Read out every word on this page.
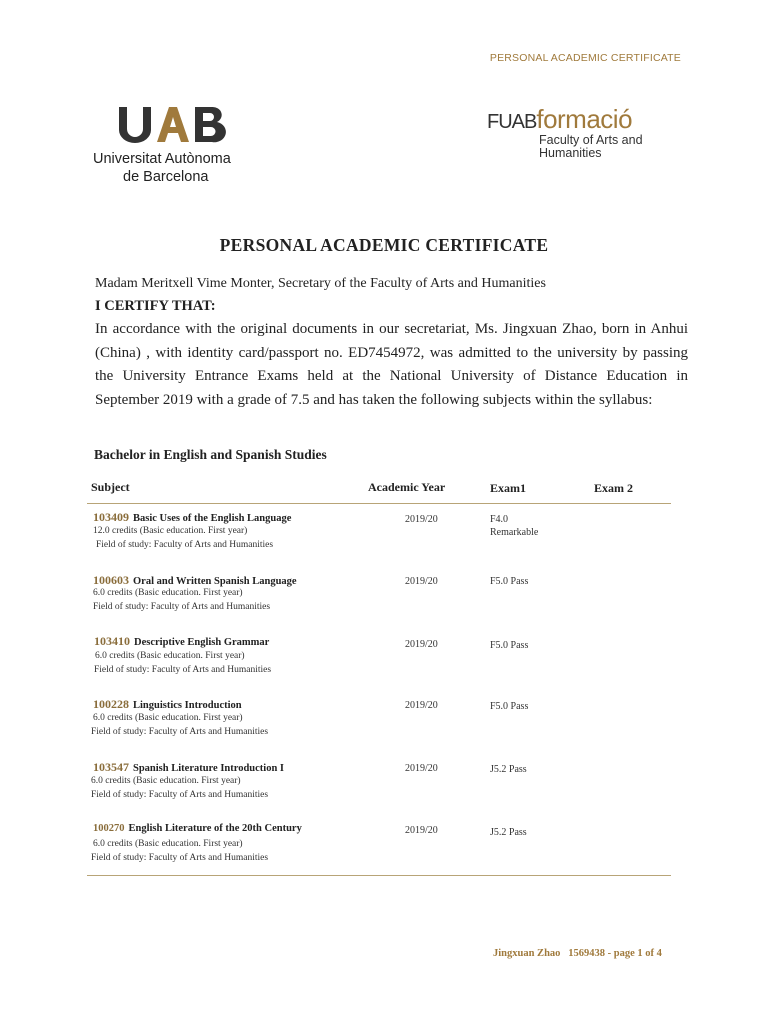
PERSONAL ACADEMIC CERTIFICATE
Universitat Autònoma
de Barcelona
FUABformació
Faculty of Arts and
Humanities
PERSONAL ACADEMIC CERTIFICATE
Madam Meritxell Vime Monter, Secretary of the Faculty of Arts and Humanities
I CERTIFY THAT:
In accordance with the original documents in our secretariat, Ms. Jingxuan Zhao, born in Anhui (China) , with identity card/passport no. ED7454972, was admitted to the university by passing the University Entrance Exams held at the National University of Distance Education in September 2019 with a grade of 7.5 and has taken the following subjects within the syllabus:
Bachelor in English and Spanish Studies
Subject	Academic Year	Exam1	Exam 2
103409 Basic Uses of the English Language
12.0 credits (Basic education. First year)
Field of study: Faculty of Arts and Humanities
2019/20	F4.0
Remarkable
100603 Oral and Written Spanish Language
6.0 credits (Basic education. First year)
Field of study: Faculty of Arts and Humanities
2019/20	F5.0 Pass
103410 Descriptive English Grammar
6.0 credits (Basic education. First year)
Field of study: Faculty of Arts and Humanities
2019/20	F5.0 Pass
100228 Linguistics Introduction
6.0 credits (Basic education. First year)
Field of study: Faculty of Arts and Humanities
2019/20	F5.0 Pass
103547 Spanish Literature Introduction I
6.0 credits (Basic education. First year)
Field of study: Faculty of Arts and Humanities
2019/20	J5.2 Pass
100270 English Literature of the 20th Century
6.0 credits (Basic education. First year)
Field of study: Faculty of Arts and Humanities
2019/20	J5.2 Pass
Jingxuan Zhao 1569438 - page 1 of 4
